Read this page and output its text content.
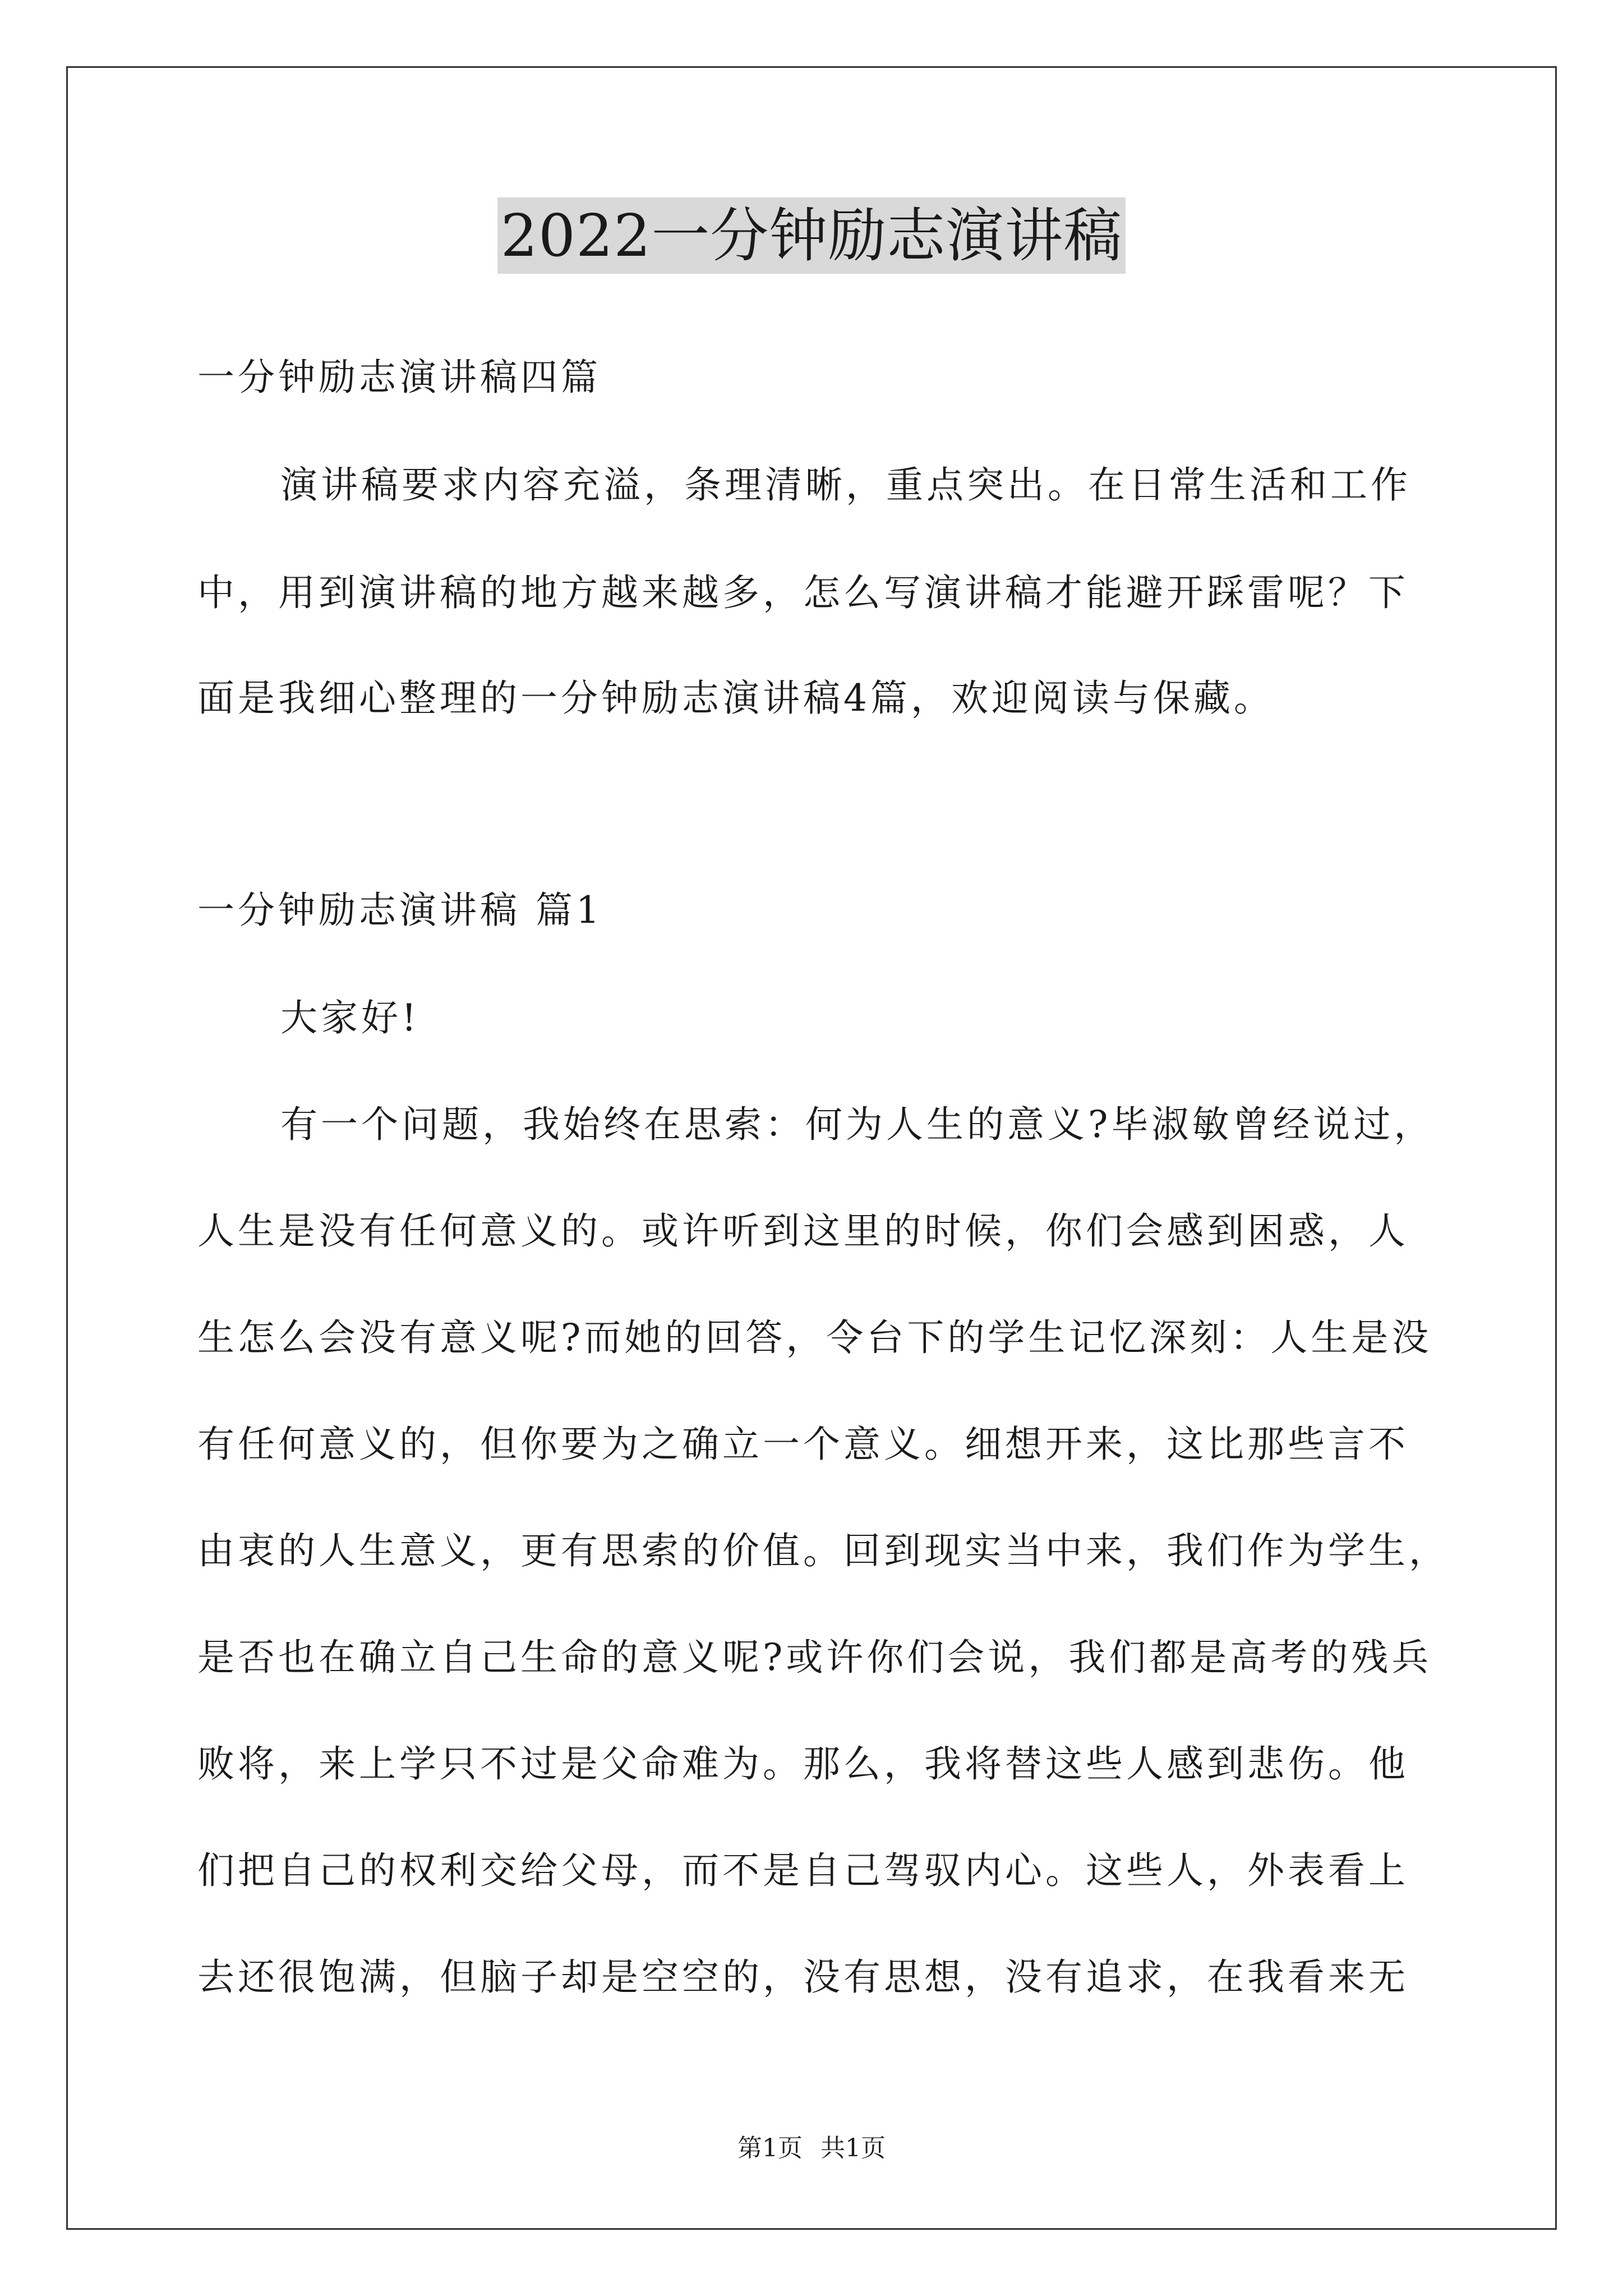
2022一分钟励志演讲稿
一分钟励志演讲稿四篇
演讲稿要求内容充溢，条理清晰，重点突出。在日常生活和工作
中，用到演讲稿的地方越来越多，怎么写演讲稿才能避开踩雷呢？下
面是我细心整理的一分钟励志演讲稿4篇，欢迎阅读与保藏。
一分钟励志演讲稿 篇1
大家好!
有一个问题，我始终在思索：何为人生的意义?毕淑敏曾经说过，
人生是没有任何意义的。或许听到这里的时候，你们会感到困惑，人
生怎么会没有意义呢?而她的回答，令台下的学生记忆深刻：人生是没
有任何意义的，但你要为之确立一个意义。细想开来，这比那些言不
由衷的人生意义，更有思索的价值。回到现实当中来，我们作为学生，
是否也在确立自己生命的意义呢?或许你们会说，我们都是高考的残兵
败将，来上学只不过是父命难为。那么，我将替这些人感到悲伤。他
们把自己的权利交给父母，而不是自己驾驭内心。这些人，外表看上
去还很饱满，但脑子却是空空的，没有思想，没有追求，在我看来无
第1页 共1页
